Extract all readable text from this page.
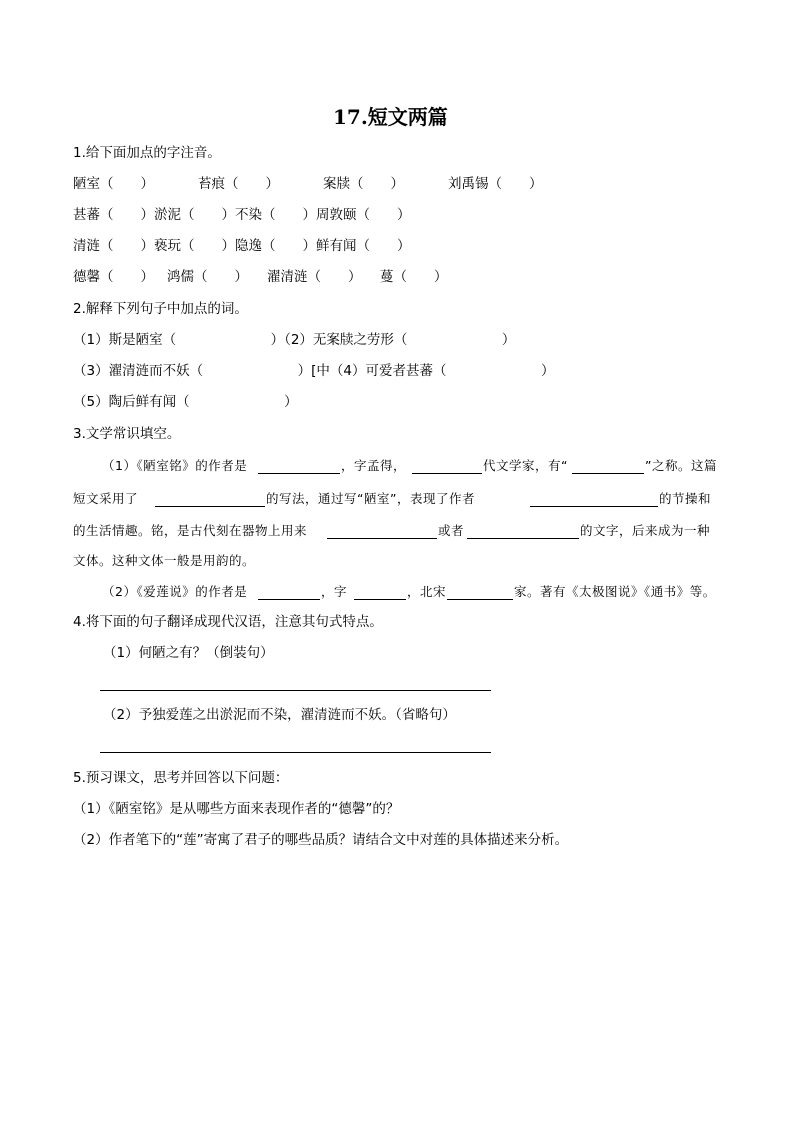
17.短文两篇
1.给下面加点的字注音。
陋室（　　）	苔痕（　　）	案牍（　　）	刘禹锡（　　）
甚蕃（　　）淤泥（　　）不染（　　）周敦颐（　　）
清涟（　　）亵玩（　　）隐逸（　　）鲜有闻（　　）
德馨（　　） 鸿儒（　　） 濯清涟（　　） 蔓（　　）
2.解释下列句子中加点的词。
（1）斯是陋室（　　　　　　　）（2）无案牍之劳形（　　　　　　　）
（3）濯清涟而不妖（　　　　　　　）[中（4）可爱者甚蕃（　　　　　　　）
（5）陶后鲜有闻（　　　　　　　）
3.文学常识填空。
（1）《陋室铭》的作者是	，字孟得，	代文学家，有“	”之称。这篇
短文采用了	的写法，通过写“陋室”，表现了作者	的节操和
的生活情趣。铭，是古代刻在器物上用来	或者	的文字，后来成为一种
文体。这种文体一般是用韵的。
（2）《爱莲说》的作者是	，字	，北宋	家。著有《太极图说》《通书》等。
4.将下面的句子翻译成现代汉语，注意其句式特点。
（1）何陋之有？（倒装句）
（2）予独爱莲之出淤泥而不染，濯清涟而不妖。（省略句）
5.预习课文，思考并回答以下问题：
（1）《陋室铭》是从哪些方面来表现作者的“德馨”的？
（2）作者笔下的“莲”寄寓了君子的哪些品质？请结合文中对莲的具体描述来分析。
